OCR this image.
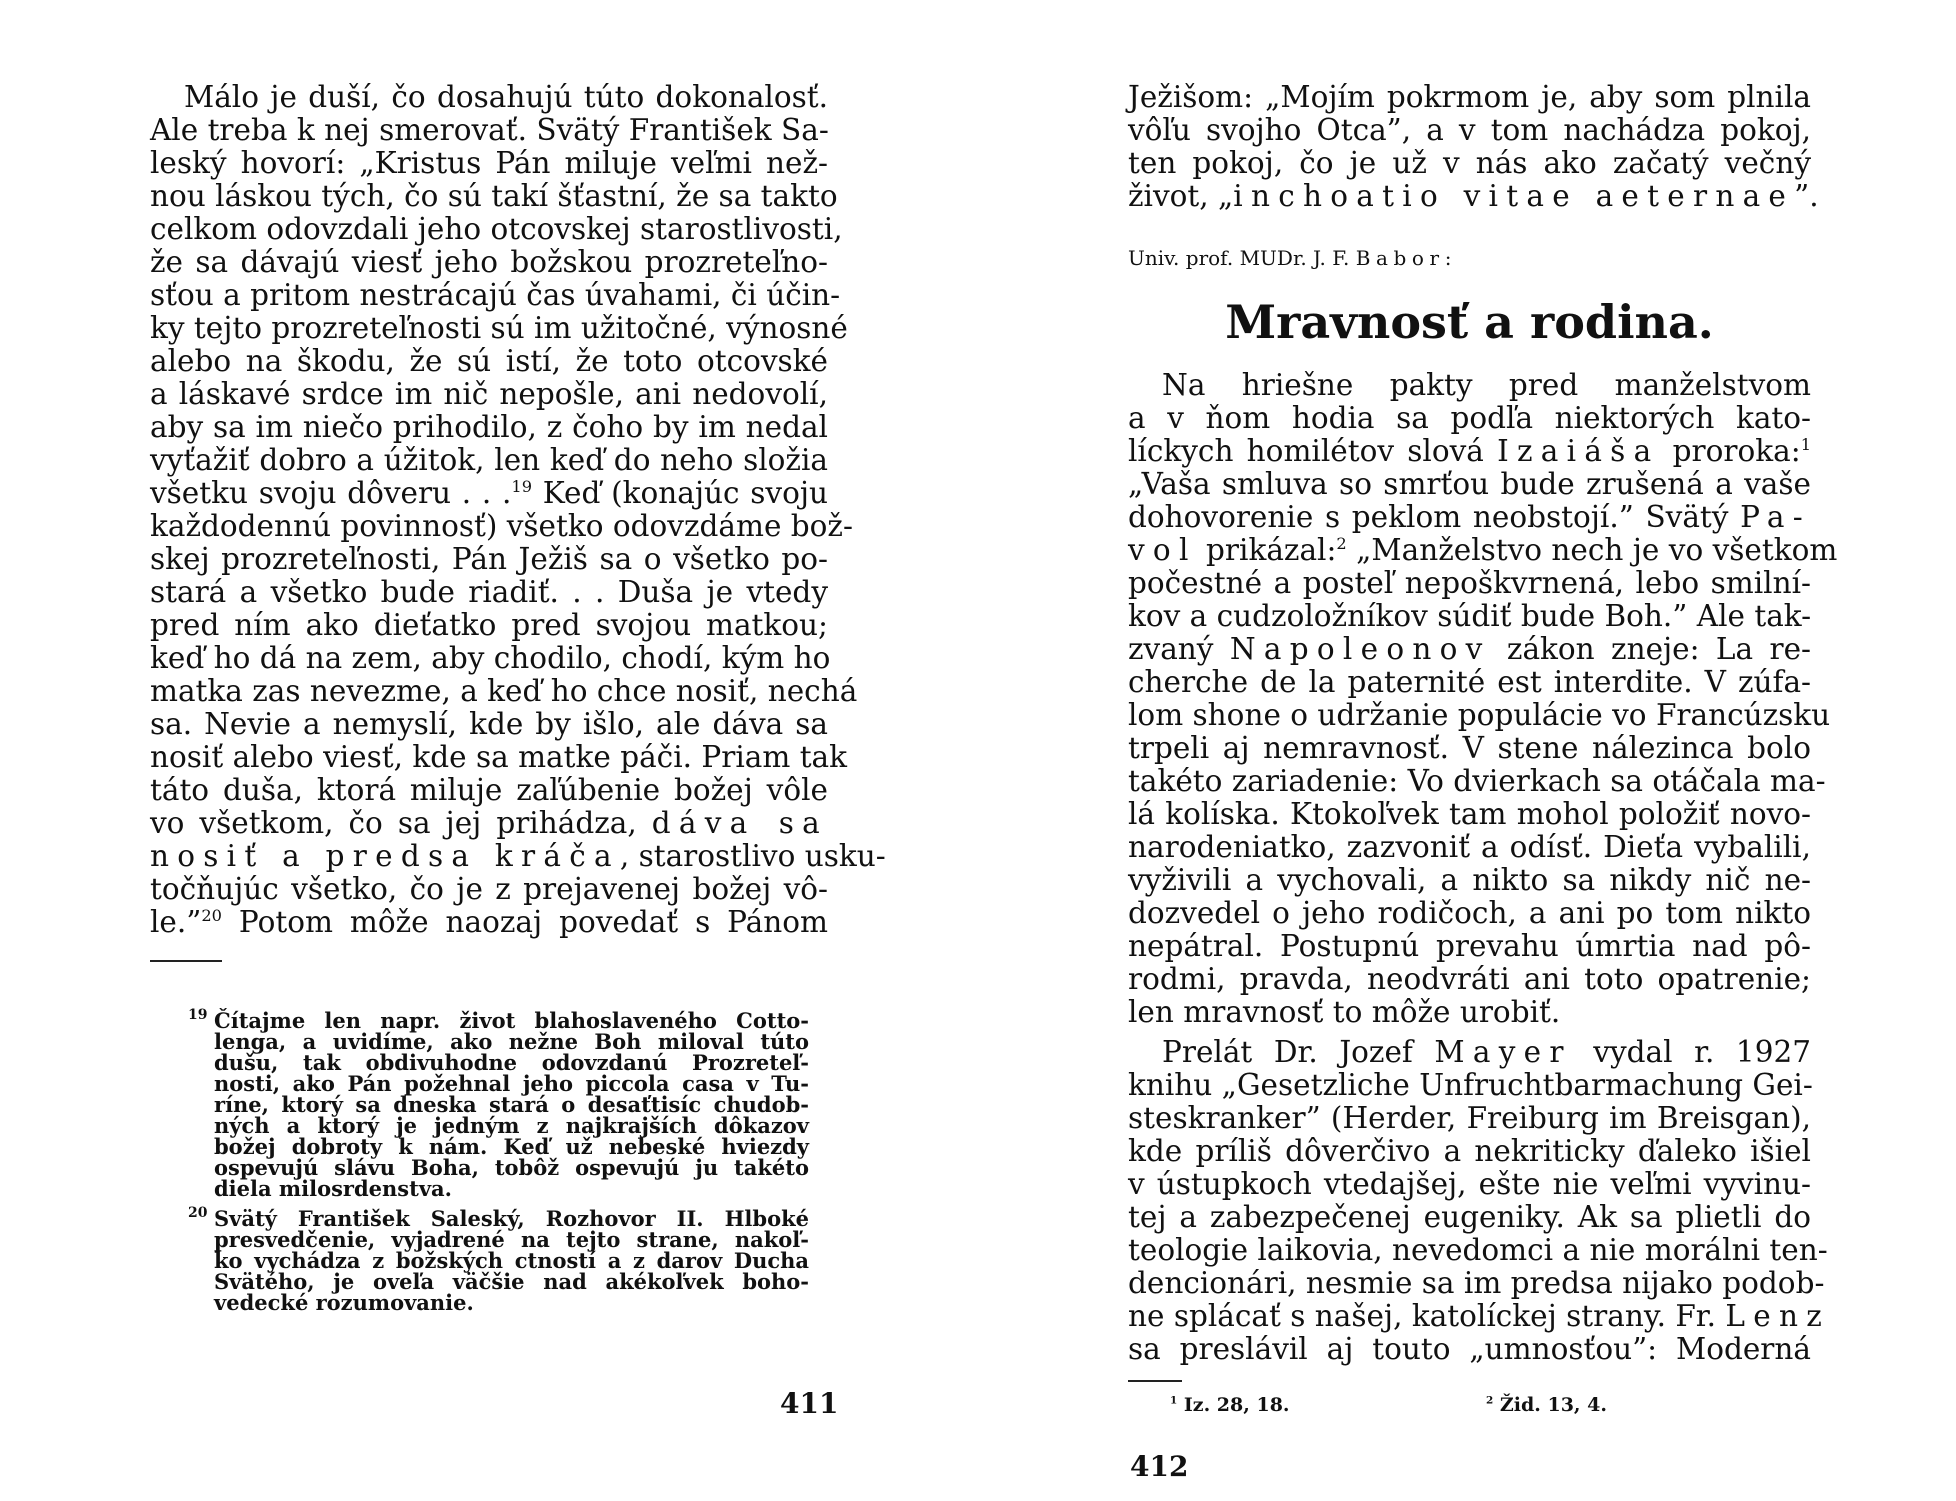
Málo je duší, čo dosahujú túto dokonalosť.

Ale treba k nej smerovať. Svätý František Sa-

leský hovorí: „Kristus Pán miluje veľmi než-

nou láskou tých, čo sú takí šťastní, že sa takto

celkom odovzdali jeho otcovskej starostlivosti,

že sa dávajú viesť jeho božskou prozreteľno-

sťou a pritom nestrácajú čas úvahami, či účin-

ky tejto prozreteľnosti sú im užitočné, výnosné

alebo na škodu, že sú istí, že toto otcovské

a láskavé srdce im nič nepošle, ani nedovolí,

aby sa im niečo prihodilo, z čoho by im nedal

vyťažiť dobro a úžitok, len keď do neho složia

všetku svoju dôveru . . .$^{19}$ Keď (konajúc svoju

každodennú povinnosť) všetko odovzdáme bož-

skej prozreteľnosti, Pán Ježiš sa o všetko po-

stará a všetko bude riadiť. . . Duša je vtedy

pred ním ako dieťatko pred svojou matkou;

keď ho dá na zem, aby chodilo, chodí, kým ho

matka zas nevezme, a keď ho chce nosiť, nechá

sa. Nevie a nemyslí, kde by išlo, ale dáva sa

nosiť alebo viesť, kde sa matke páči. Priam tak

táto duša, ktorá miluje zaľúbenie božej vôle

vo všetkom, čo sa jej prihádza, dáva sa

nosiť a predsa kráča, starostlivo usku-

točňujúc všetko, čo je z prejavenej božej vô-

le.”$^{20}$ Potom môže naozaj povedať s Pánom

19 Čítajme len napr. život blahoslaveného Cotto-

lenga, a uvidíme, ako nežne Boh miloval túto

dušu, tak obdivuhodne odovzdanú Prozreteľ-

nosti, ako Pán požehnal jeho piccola casa v Tu-

ríne, ktorý sa dneska stará o desaťtisíc chudob-

ných a ktorý je jedným z najkrajších dôkazov

božej dobroty k nám. Keď už nebeské hviezdy

ospevujú slávu Boha, tobôž ospevujú ju takéto

diela milosrdenstva.

20 Svätý František Saleský, Rozhovor II. Hlboké

presvedčenie, vyjadrené na tejto strane, nakoľ-

ko vychádza z božských ctností a z darov Ducha

Svätého, je oveľa väčšie nad akékoľvek boho-

vedecké rozumovanie.

411

Ježišom: „Mojím pokrmom je, aby som plnila

vôľu svojho Otca”, a v tom nachádza pokoj,

ten pokoj, čo je už v nás ako začatý večný

život, „inchoatio vitae aeternae”.

Univ. prof. MUDr. J. F. Babor:

Mravnosť a rodina.

Na hriešne pakty pred manželstvom

a v ňom hodia sa podľa niektorých kato-

líckych homilétov slová Izaiáša proroka:$^1$

„Vaša smluva so smrťou bude zrušená a vaše

dohovorenie s peklom neobstojí.” Svätý Pa-

vol prikázal:$^2$ „Manželstvo nech je vo všetkom

počestné a posteľ nepoškvrnená, lebo smilní-

kov a cudzoložníkov súdiť bude Boh.” Ale tak-

zvaný Napoleonov zákon zneje: La re-

cherche de la paternité est interdite. V zúfa-

lom shone o udržanie populácie vo Francúzsku

trpeli aj nemravnosť. V stene nálezinca bolo

takéto zariadenie: Vo dvierkach sa otáčala ma-

lá kolíska. Ktokoľvek tam mohol položiť novo-

narodeniatko, zazvoniť a odísť. Dieťa vybalili,

vyživili a vychovali, a nikto sa nikdy nič ne-

dozvedel o jeho rodičoch, a ani po tom nikto

nepátral. Postupnú prevahu úmrtia nad pô-

rodmi, pravda, neodvráti ani toto opatrenie;

len mravnosť to môže urobiť.

Prelát Dr. Jozef Mayer vydal r. 1927

knihu „Gesetzliche Unfruchtbarmachung Gei-

steskranker” (Herder, Freiburg im Breisgan),

kde príliš dôverčivo a nekriticky ďaleko išiel

v ústupkoch vtedajšej, ešte nie veľmi vyvinu-

tej a zabezpečenej eugeniky. Ak sa plietli do

teologie laikovia, nevedomci a nie morálni ten-

dencionári, nesmie sa im predsa nijako podob-

ne splácať s našej, katolíckej strany. Fr. Lenz

sa preslávil aj touto „umnosťou”: Moderná

$^1$ Iz. 28, 18.	$^2$ Žid. 13, 4.

412
